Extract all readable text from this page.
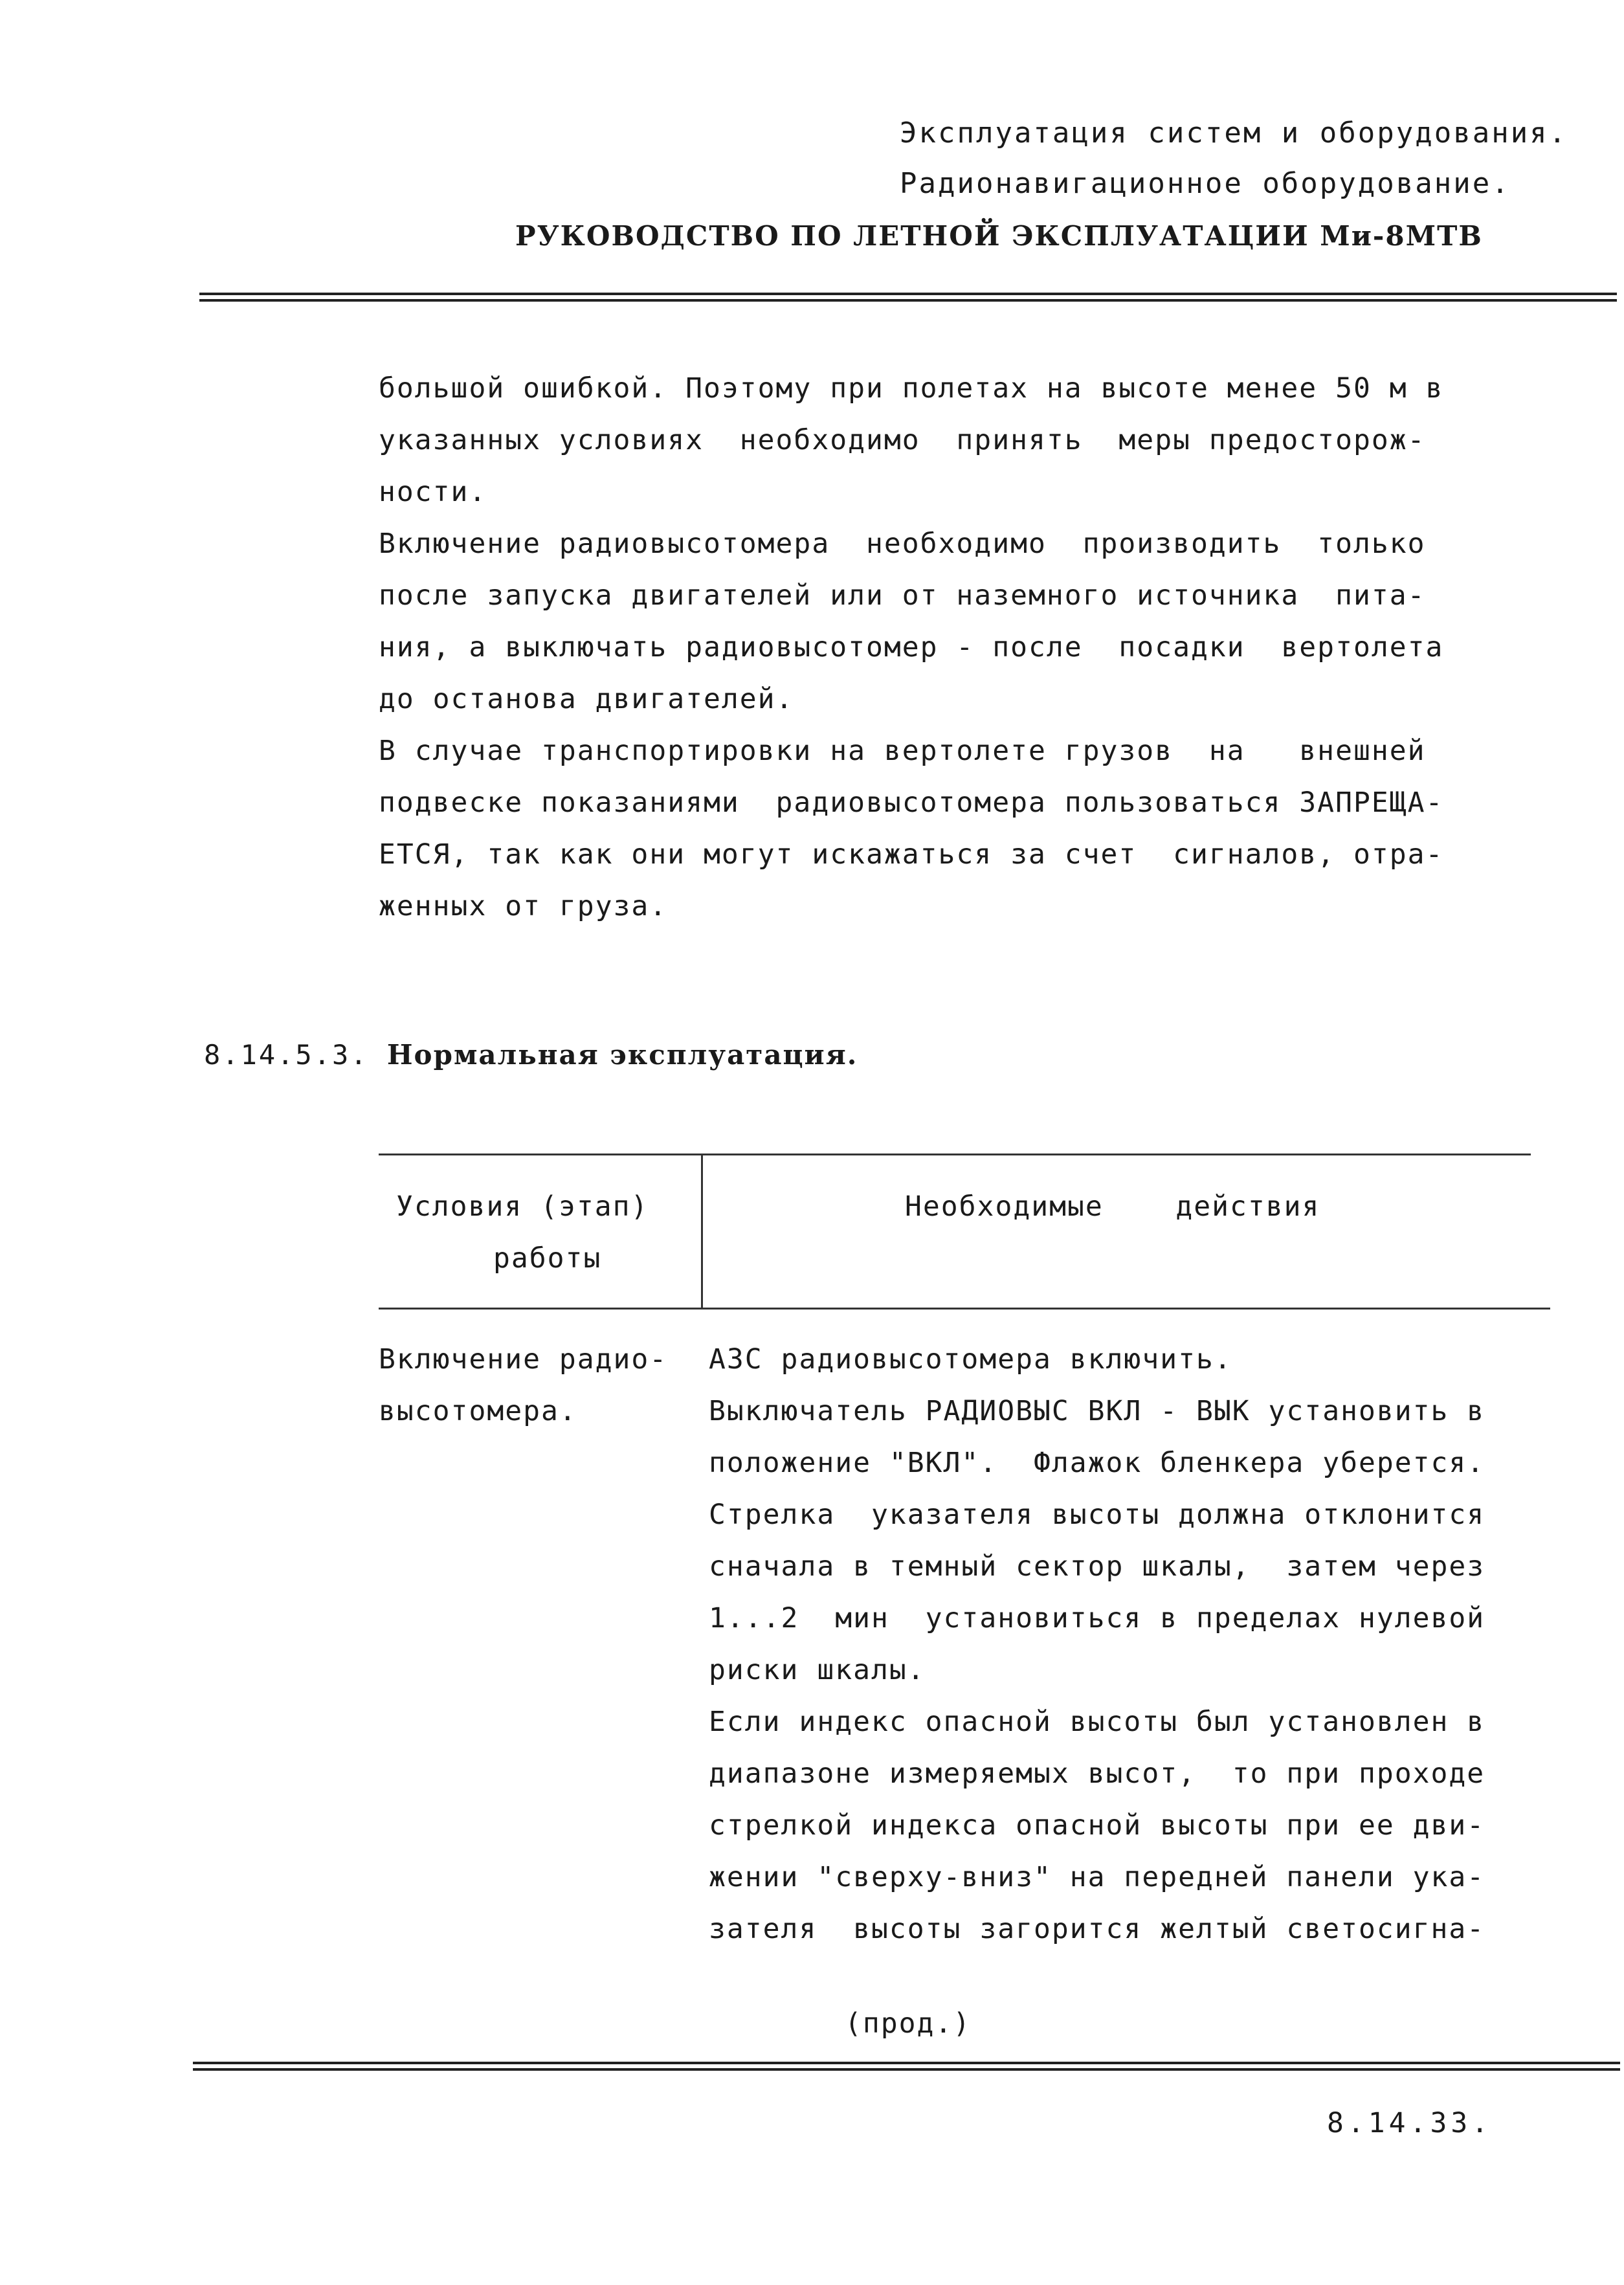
Эксплуатация систем и оборудования.
Радионавигационное оборудование.
РУКОВОДСТВО ПО ЛЕТНОЙ ЭКСПЛУАТАЦИИ Ми-8МТВ
большой ошибкой. Поэтому при полетах на высоте менее 50 м в
указанных условиях  необходимо  принять  меры предосторож-
ности.
Включение радиовысотомера  необходимо  производить  только
после запуска двигателей или от наземного источника  пита-
ния, а выключать радиовысотомер - после  посадки  вертолета
до останова двигателей.
В случае транспортировки на вертолете грузов  на   внешней
подвеске показаниями  радиовысотомера пользоваться ЗАПРЕЩА-
ЕТСЯ, так как они могут искажаться за счет  сигналов, отра-
женных от груза.
8.14.5.3. Нормальная эксплуатация.
Условия (этап)
работы
Необходимые    действия
Включение радио-
высотомера.
АЗС радиовысотомера включить.
Выключатель РАДИОВЫС ВКЛ - ВЫК установить в
положение "ВКЛ".  Флажок бленкера уберется.
Стрелка  указателя высоты должна отклонится
сначала в темный сектор шкалы,  затем через
1...2  мин  установиться в пределах нулевой
риски шкалы.
Если индекс опасной высоты был установлен в
диапазоне измеряемых высот,  то при проходе
стрелкой индекса опасной высоты при ее дви-
жении "сверху-вниз" на передней панели ука-
зателя  высоты загорится желтый светосигна-
(прод.)
8.14.33.
